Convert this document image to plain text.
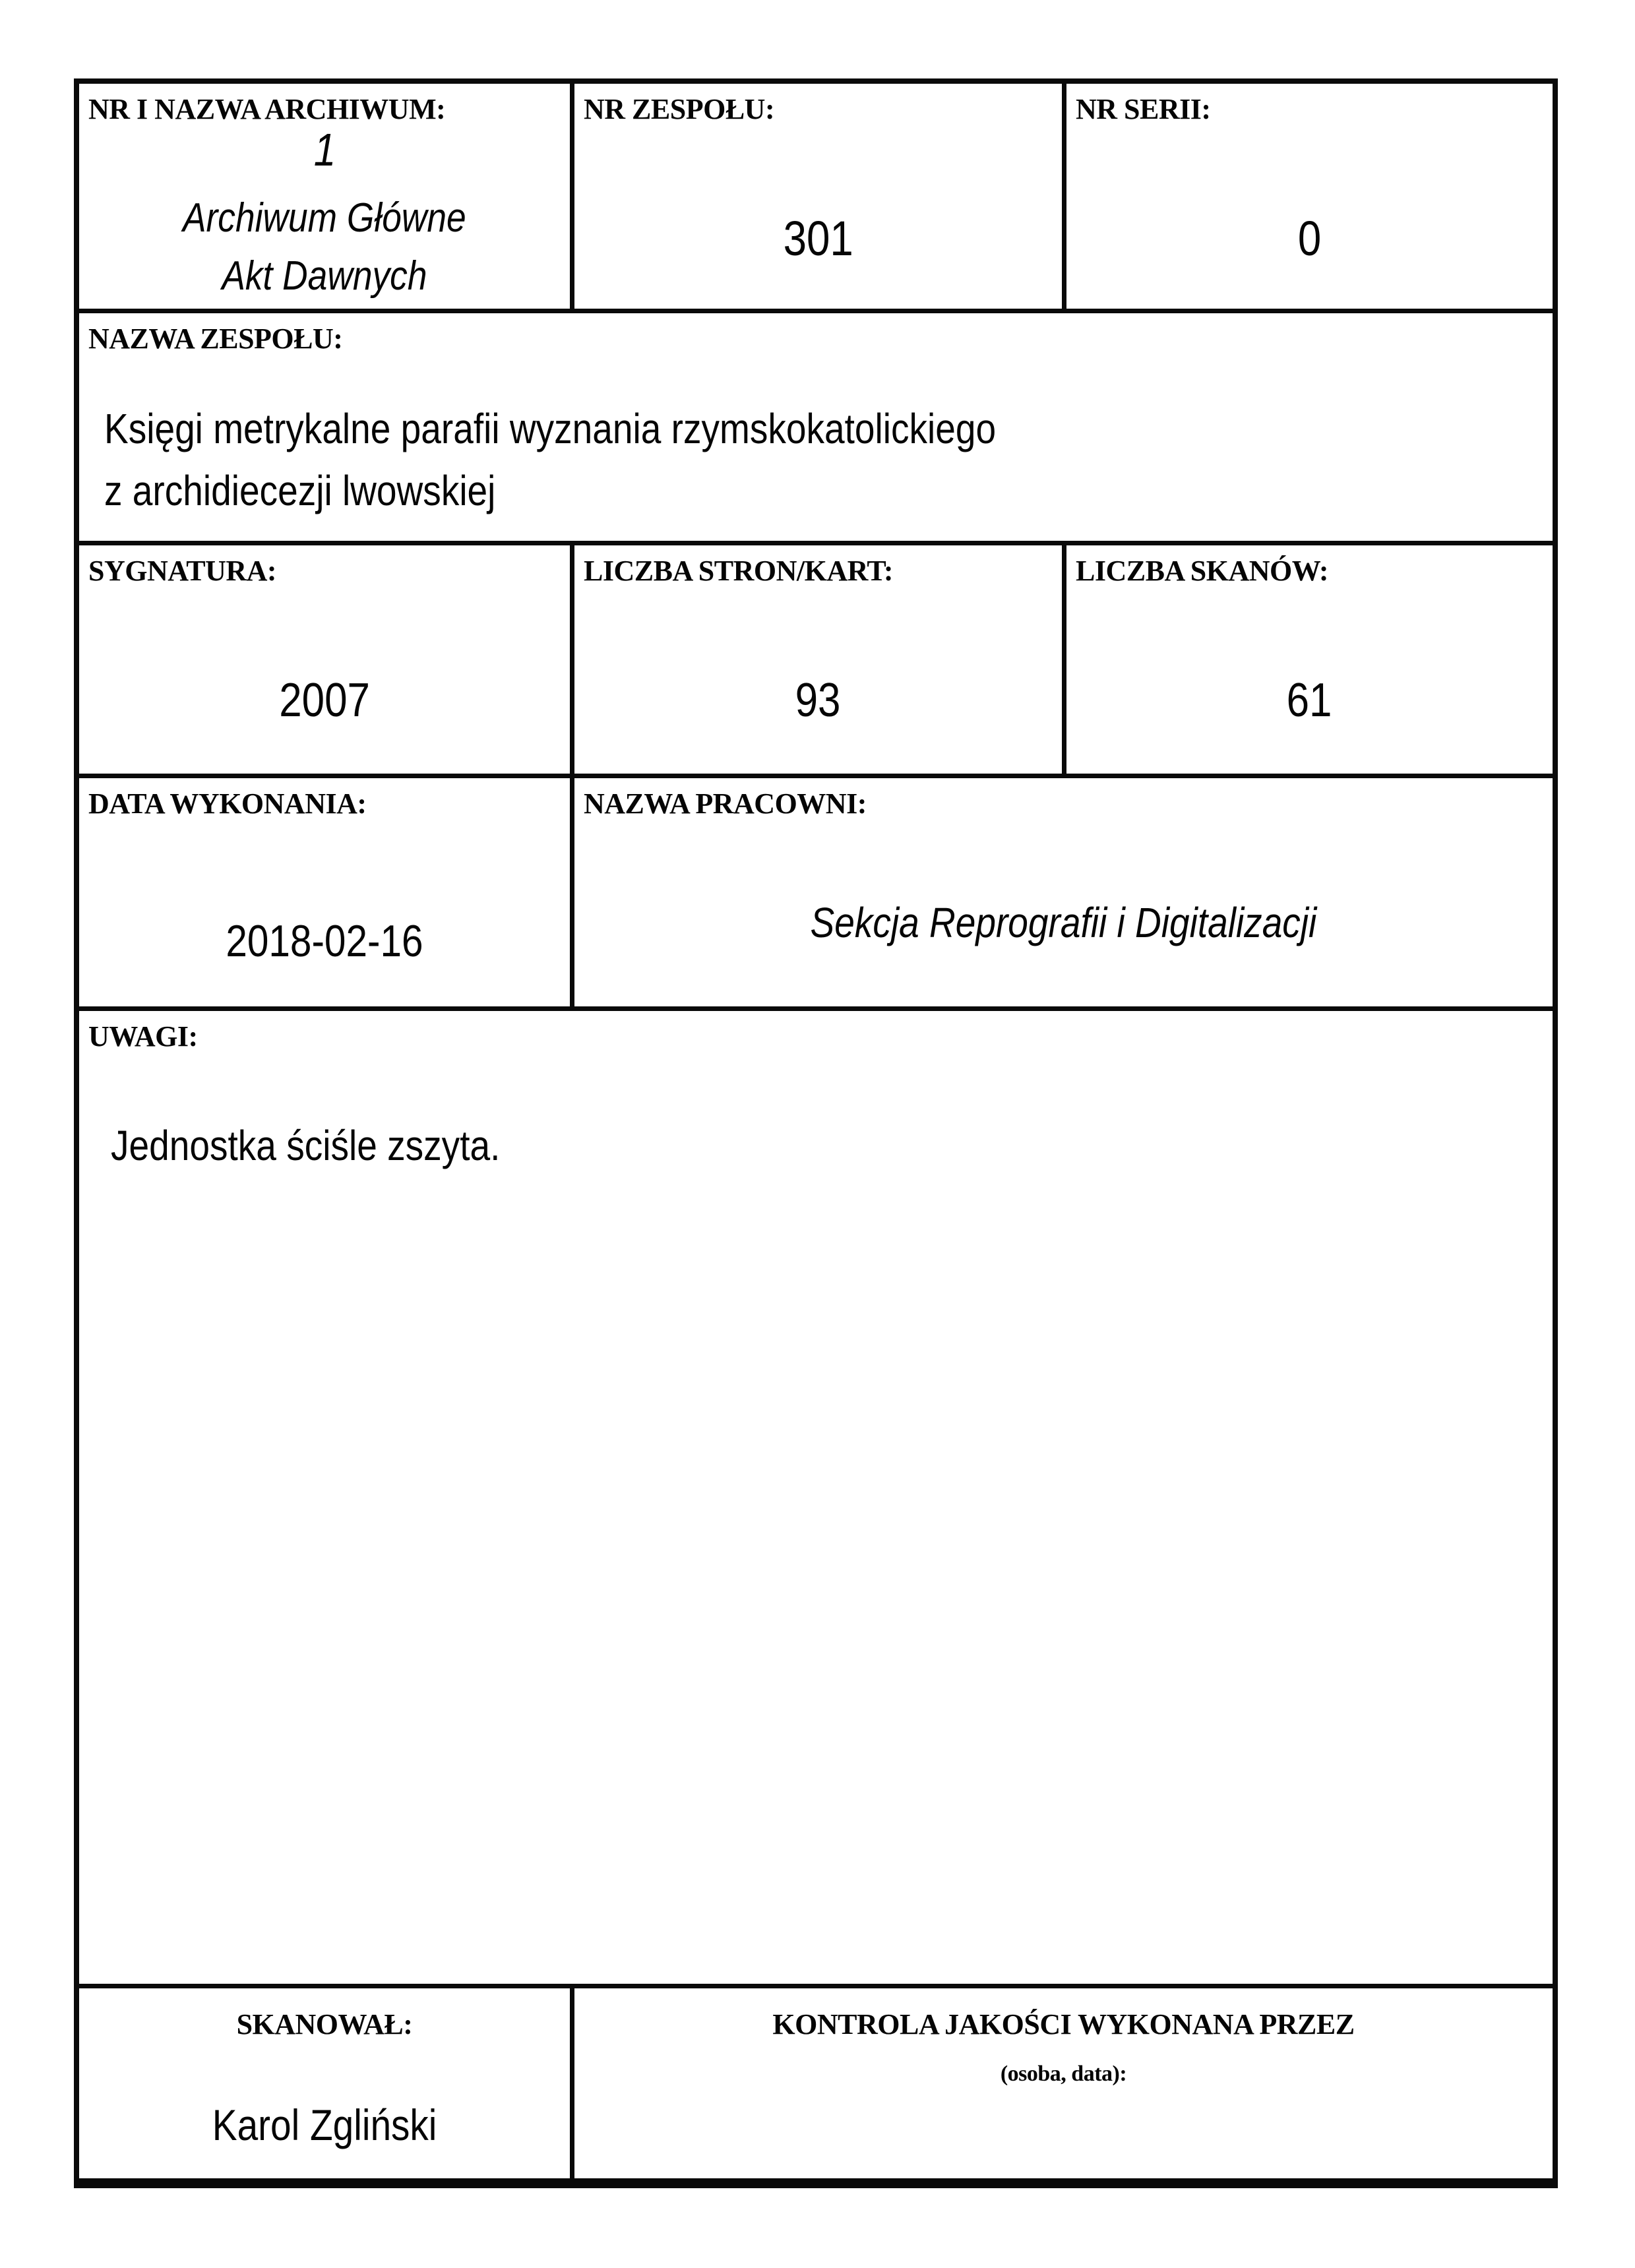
NR I NAZWA ARCHIWUM:
1
Archiwum Główne
Akt Dawnych
NR ZESPOŁU:
301
NR SERII:
0
NAZWA ZESPOŁU:
Księgi metrykalne parafii wyznania rzymskokatolickiego
z archidiecezji lwowskiej
SYGNATURA:
2007
LICZBA STRON/KART:
93
LICZBA SKANÓW:
61
DATA WYKONANIA:
2018-02-16
NAZWA PRACOWNI:
Sekcja Reprografii i Digitalizacji
UWAGI:
Jednostka ściśle zszyta.
SKANOWAŁ:
Karol Zgliński
KONTROLA JAKOŚCI WYKONANA PRZEZ
(osoba, data):
